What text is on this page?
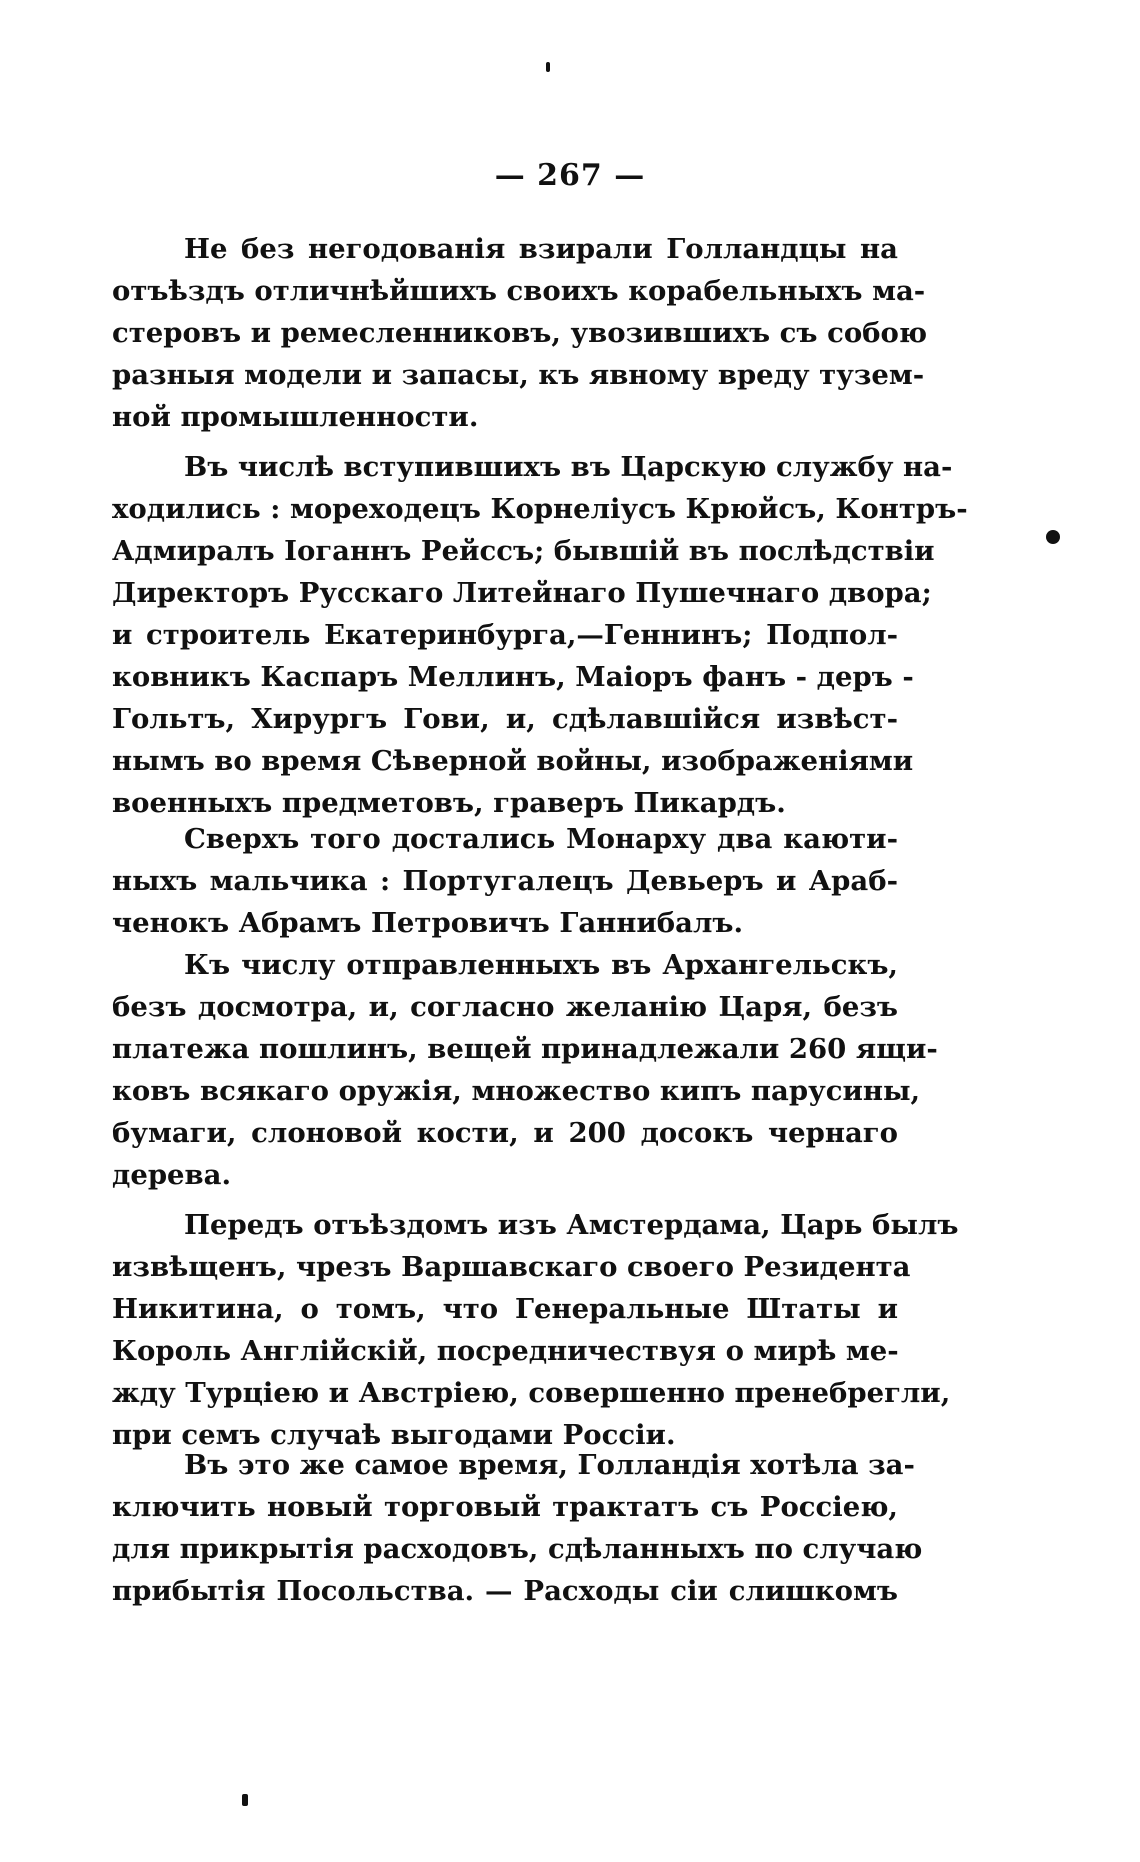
— 267 —
Не без негодованія взирали Голландцы на
отъѣздъ отличнѣйшихъ своихъ корабельныхъ ма-
стеровъ и ремесленниковъ, увозившихъ съ собою
разныя модели и запасы, къ явному вреду тузем-
ной промышленности.
Въ числѣ вступившихъ въ Царскую службу на-
ходились : мореходецъ Корнеліусъ Крюйсъ, Контръ-
Адмиралъ Іоганнъ Рейссъ; бывшій въ послѣдствіи
Директоръ Русскаго Литейнаго Пушечнаго двора;
и строитель Екатеринбурга,—Геннинъ; Подпол-
ковникъ Каспаръ Меллинъ, Маіоръ фанъ - деръ -
Гольтъ, Хирургъ Гови, и, сдѣлавшійся извѣст-
нымъ во время Сѣверной войны, изображеніями
военныхъ предметовъ, граверъ Пикардъ.
Сверхъ того достались Монарху два каюти-
ныхъ мальчика : Португалецъ Девьеръ и Араб-
ченокъ Абрамъ Петровичъ Ганнибалъ.
Къ числу отправленныхъ въ Архангельскъ,
безъ досмотра, и, согласно желанію Царя, безъ
платежа пошлинъ, вещей принадлежали 260 ящи-
ковъ всякаго оружія, множество кипъ парусины,
бумаги, слоновой кости, и 200 досокъ чернаго
дерева.
Передъ отъѣздомъ изъ Амстердама, Царь былъ
извѣщенъ, чрезъ Варшавскаго своего Резидента
Никитина, о томъ, что Генеральные Штаты и
Король Англійскій, посредничествуя о мирѣ ме-
жду Турціею и Австріею, совершенно пренебрегли,
при семъ случаѣ выгодами Россіи.
Въ это же самое время, Голландія хотѣла за-
ключить новый торговый трактатъ съ Россіею,
для прикрытія расходовъ, сдѣланныхъ по случаю
прибытія Посольства. — Расходы сіи слишкомъ
